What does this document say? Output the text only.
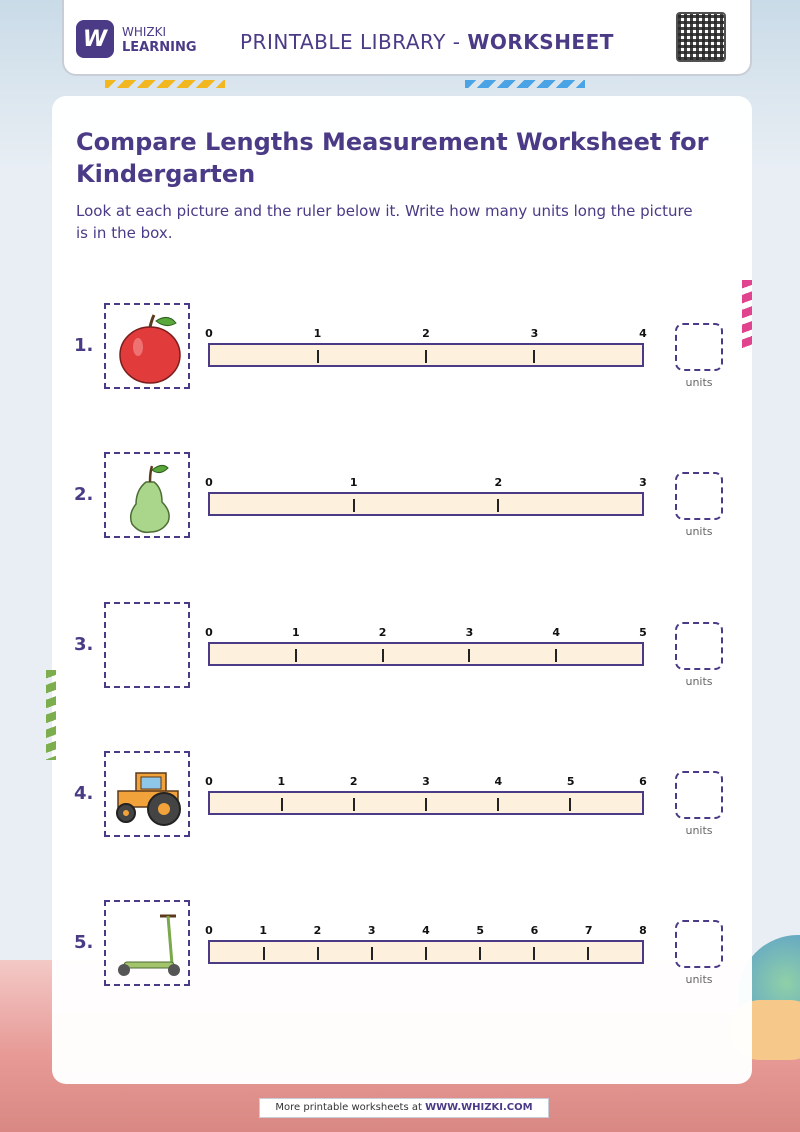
W WHIZKI
LEARNING PRINTABLE LIBRARY - WORKSHEET
Compare Lengths Measurement Worksheet for Kindergarten

Look at each picture and the ruler below it. Write how many units long the picture is in the box.

1.
units
0	1	2	3	4
2.
units
0	1	2	3
3.
units
0	1	2	3	4	5
4.
units
0	1	2	3	4	5	6
5.
units
0	1	2	3	4	5	6	7	8
More printable worksheets at WWW.WHIZKI.COM
